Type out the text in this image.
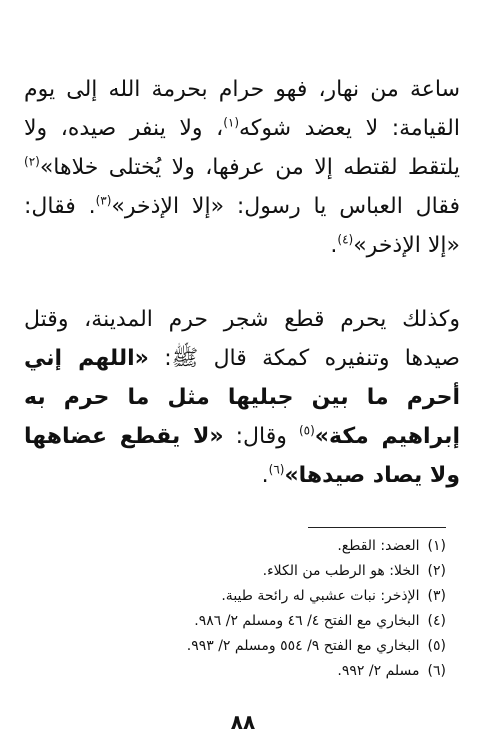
ساعة من نهار، فهو حرام بحرمة الله إلى يوم القيامة: لا يعضد شوكه$^{(١)}$، ولا ينفر صيده، ولا يلتقط لقتطه إلا من عرفها، ولا يُختلى خلاها»$^{(٢)}$ فقال العباس يا رسول: «إلا الإذخر»$^{(٣)}$. فقال: «إلا الإذخر»$^{(٤)}$.

وكذلك يحرم قطع شجر حرم المدينة، وقتل صيدها وتنفيره كمكة قال ﷺ: «اللهم إني أحرم ما بين جبليها مثل ما حرم به إبراهيم مكة»$^{(٥)}$ وقال: «لا يقطع عضاهها ولا يصاد صيدها»$^{(٦)}$.

(١)العضد: القطع.
(٢)الخلا: هو الرطب من الكلاء.
(٣)الإذخر: نبات عشبي له رائحة طيبة.
(٤)البخاري مع الفتح ٤/ ٤٦ ومسلم ٢/ ٩٨٦.
(٥)البخاري مع الفتح ٩/ ٥٥٤ ومسلم ٢/ ٩٩٣.
(٦)مسلم ٢/ ٩٩٢.
٨٨
